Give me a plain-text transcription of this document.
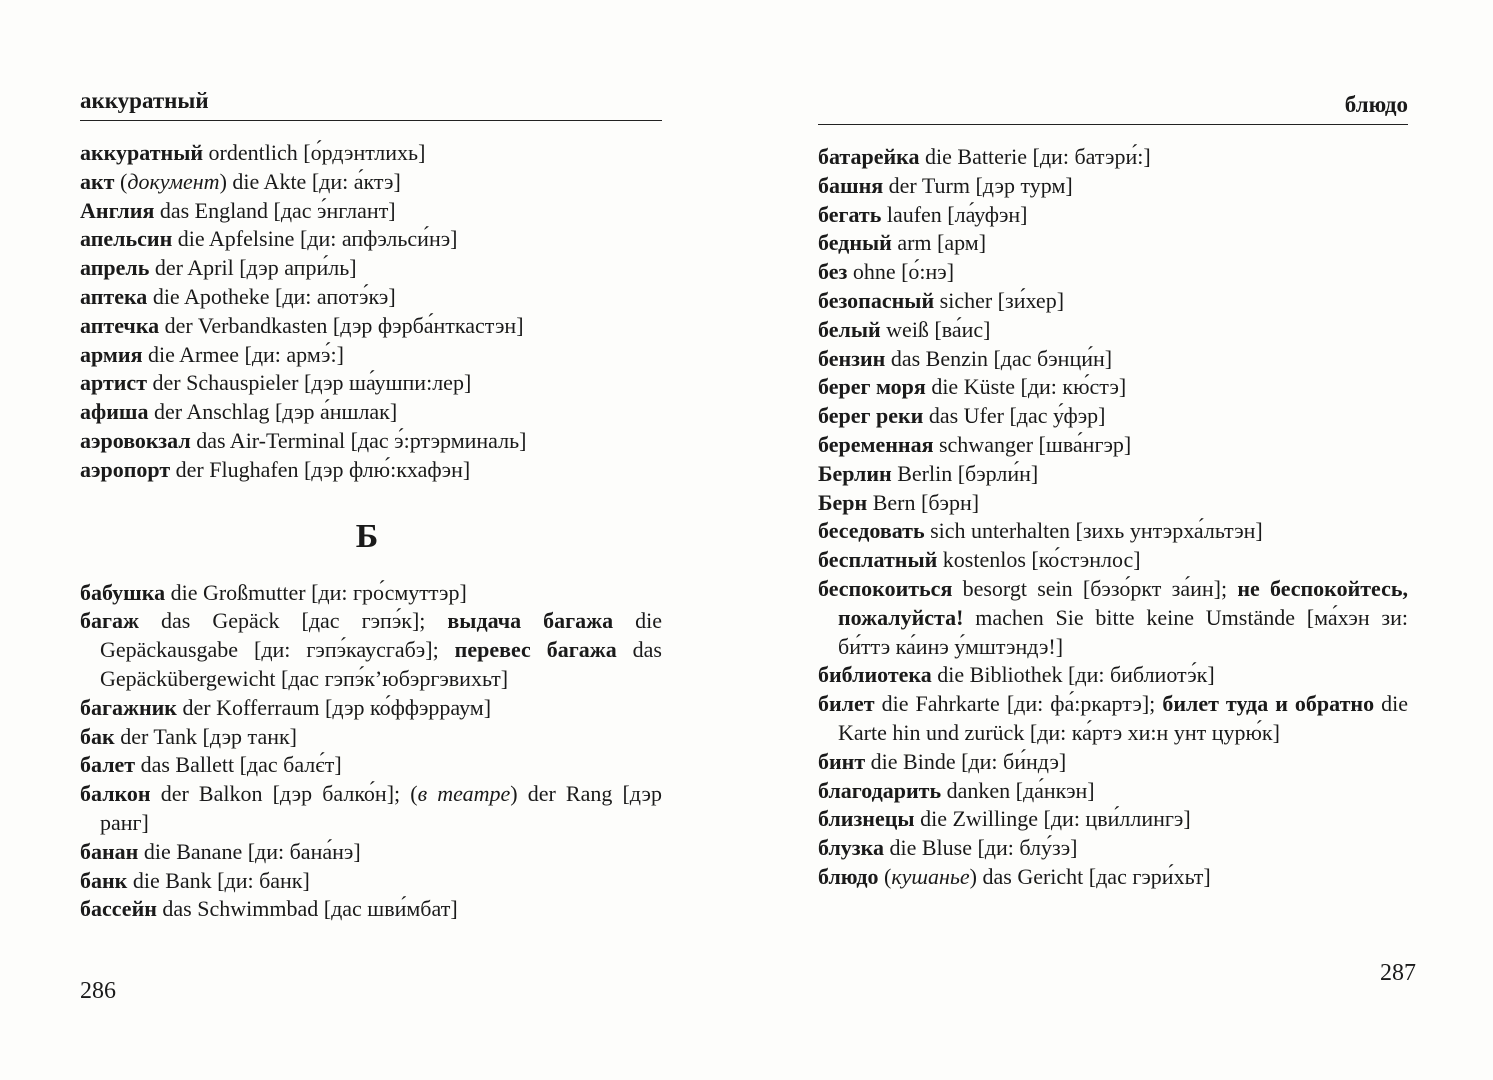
аккуратный
аккуратный ordentlich [о́рдэнтлихь]
акт (документ) die Akte [ди: а́ктэ]
Англия das England [дас э́нглант]
апельсин die Apfelsine [ди: апфэльси́нэ]
апрель der April [дэр апри́ль]
аптека die Apotheke [ди: апотэ́кэ]
аптечка der Verbandkasten [дэр фэрба́нткастэн]
армия die Armee [ди: армэ́:]
артист der Schauspieler [дэр ша́ушпи:лер]
афиша der Anschlag [дэр а́ншлак]
аэровокзал das Air-Terminal [дас э́:ртэрминаль]
аэропорт der Flughafen [дэр флю́:кхафэн]
Б
бабушка die Großmutter [ди: гро́смуттэр]
багаж das Gepäck [дас гэпэ́к]; выдача багажа die Gepäckausgabe [ди: гэпэ́каусгабэ]; перевес багажа das Gepäckübergewicht [дас гэпэ́к’юбэргэвихьт]
багажник der Kofferraum [дэр ко́ффэрраум]
бак der Tank [дэр танк]
балет das Ballett [дас балє́т]
балкон der Balkon [дэр балко́н]; (в театре) der Rang [дэр ранг]
банан die Banane [ди: бана́нэ]
банк die Bank [ди: банк]
бассейн das Schwimmbad [дас шви́мбат]
блюдо
батарейка die Batterie [ди: батэри́:]
башня der Turm [дэр турм]
бегать laufen [ла́уфэн]
бедный arm [арм]
без ohne [о́:нэ]
безопасный sicher [зи́хер]
белый weiß [ва́ис]
бензин das Benzin [дас бэнци́н]
берег моря die Küste [ди: кю́стэ]
берег реки das Ufer [дас у́фэр]
беременная schwanger [шва́нгэр]
Берлин Berlin [бэрли́н]
Берн Bern [бэрн]
беседовать sich unterhalten [зихь унтэрха́льтэн]
бесплатный kostenlos [ко́стэнлос]
беспокоиться besorgt sein [бэзо́ркт за́ин]; не беспокойтесь, пожалуйста! machen Sie bitte keine Umstände [ма́хэн зи: би́ттэ ка́инэ у́мштэндэ!]
библиотека die Bibliothek [ди: библиотэ́к]
билет die Fahrkarte [ди: фа́:ркартэ]; билет туда и обратно die Karte hin und zurück [ди: ка́ртэ хи:н унт цурю́к]
бинт die Binde [ди: би́ндэ]
благодарить danken [да́нкэн]
близнецы die Zwillinge [ди: цви́ллингэ]
блузка die Bluse [ди: блу́зэ]
блюдо (кушанье) das Gericht [дас гэри́хьт]
286
287
